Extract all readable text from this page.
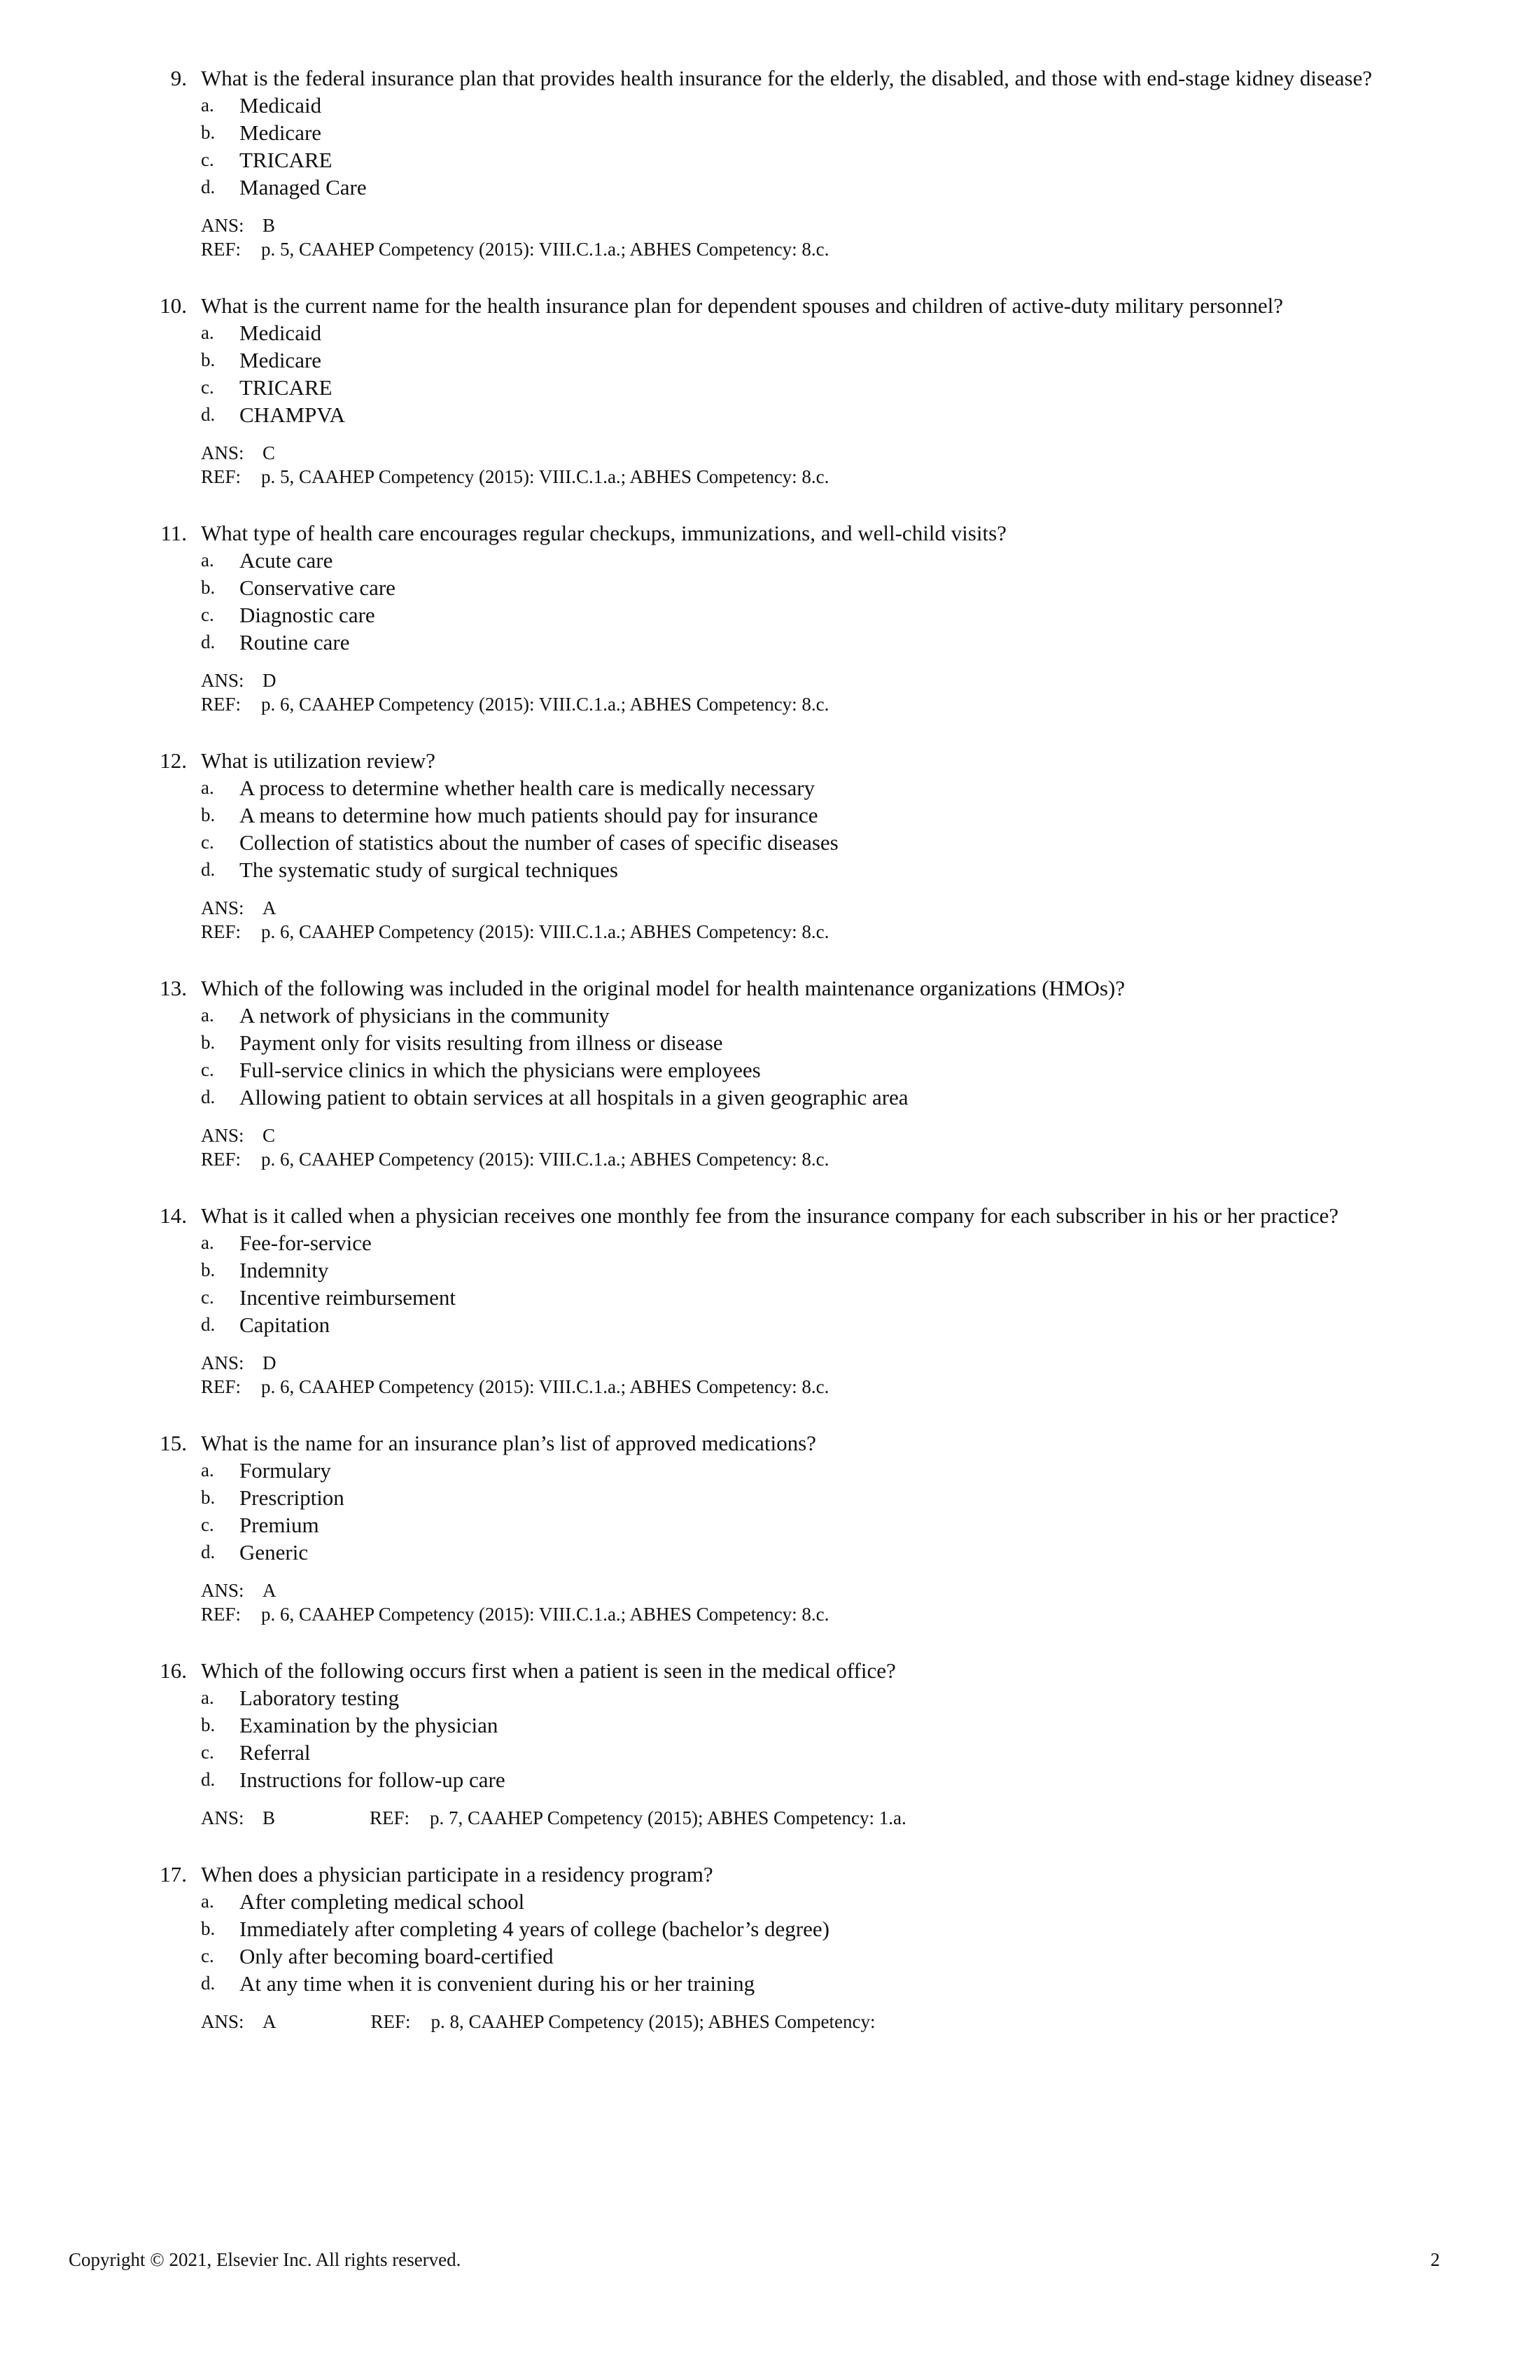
9. What is the federal insurance plan that provides health insurance for the elderly, the disabled, and those with end-stage kidney disease?
a. Medicaid
b. Medicare
c. TRICARE
d. Managed Care
ANS: B
REF: p. 5, CAAHEP Competency (2015): VIII.C.1.a.; ABHES Competency: 8.c.
10. What is the current name for the health insurance plan for dependent spouses and children of active-duty military personnel?
a. Medicaid
b. Medicare
c. TRICARE
d. CHAMPVA
ANS: C
REF: p. 5, CAAHEP Competency (2015): VIII.C.1.a.; ABHES Competency: 8.c.
11. What type of health care encourages regular checkups, immunizations, and well-child visits?
a. Acute care
b. Conservative care
c. Diagnostic care
d. Routine care
ANS: D
REF: p. 6, CAAHEP Competency (2015): VIII.C.1.a.; ABHES Competency: 8.c.
12. What is utilization review?
a. A process to determine whether health care is medically necessary
b. A means to determine how much patients should pay for insurance
c. Collection of statistics about the number of cases of specific diseases
d. The systematic study of surgical techniques
ANS: A
REF: p. 6, CAAHEP Competency (2015): VIII.C.1.a.; ABHES Competency: 8.c.
13. Which of the following was included in the original model for health maintenance organizations (HMOs)?
a. A network of physicians in the community
b. Payment only for visits resulting from illness or disease
c. Full-service clinics in which the physicians were employees
d. Allowing patient to obtain services at all hospitals in a given geographic area
ANS: C
REF: p. 6, CAAHEP Competency (2015): VIII.C.1.a.; ABHES Competency: 8.c.
14. What is it called when a physician receives one monthly fee from the insurance company for each subscriber in his or her practice?
a. Fee-for-service
b. Indemnity
c. Incentive reimbursement
d. Capitation
ANS: D
REF: p. 6, CAAHEP Competency (2015): VIII.C.1.a.; ABHES Competency: 8.c.
15. What is the name for an insurance plan’s list of approved medications?
a. Formulary
b. Prescription
c. Premium
d. Generic
ANS: A
REF: p. 6, CAAHEP Competency (2015): VIII.C.1.a.; ABHES Competency: 8.c.
16. Which of the following occurs first when a patient is seen in the medical office?
a. Laboratory testing
b. Examination by the physician
c. Referral
d. Instructions for follow-up care
ANS: B	REF: p. 7, CAAHEP Competency (2015); ABHES Competency: 1.a.
17. When does a physician participate in a residency program?
a. After completing medical school
b. Immediately after completing 4 years of college (bachelor’s degree)
c. Only after becoming board-certified
d. At any time when it is convenient during his or her training
ANS: A	REF: p. 8, CAAHEP Competency (2015); ABHES Competency:
Copyright © 2021, Elsevier Inc. All rights reserved.	2
